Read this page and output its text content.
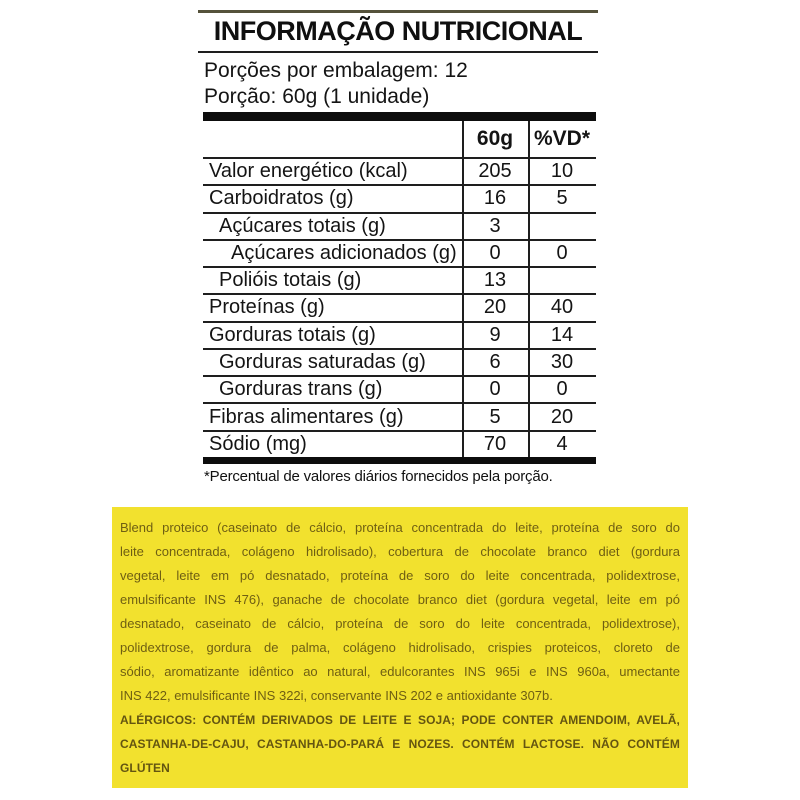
INFORMAÇÃO NUTRICIONAL
Porções por embalagem: 12
Porção: 60g (1 unidade)
60g %VD*
Valor energético (kcal)	205	10
Carboidratos (g)	16	5
Açúcares totais (g)	3
Açúcares adicionados (g)	0	0
Polióis totais (g)	13
Proteínas (g)	20	40
Gorduras totais (g)	9	14
Gorduras saturadas (g)	6	30
Gorduras trans (g)	0	0
Fibras alimentares (g)	5	20
Sódio (mg)	70	4
*Percentual de valores diários fornecidos pela porção.
Blend proteico (caseinato de cálcio, proteína concentrada do leite, proteína de soro do
leite concentrada, colágeno hidrolisado), cobertura de chocolate branco diet (gordura
vegetal, leite em pó desnatado, proteína de soro do leite concentrada, polidextrose,
emulsificante INS 476), ganache de chocolate branco diet (gordura vegetal, leite em pó
desnatado, caseinato de cálcio, proteína de soro do leite concentrada, polidextrose),
polidextrose, gordura de palma, colágeno hidrolisado, crispies proteicos, cloreto de
sódio, aromatizante idêntico ao natural, edulcorantes INS 965i e INS 960a, umectante
INS 422, emulsificante INS 322i, conservante INS 202 e antioxidante 307b.
ALÉRGICOS: CONTÉM DERIVADOS DE LEITE E SOJA; PODE CONTER AMENDOIM, AVELÃ,
CASTANHA-DE-CAJU, CASTANHA-DO-PARÁ E NOZES. CONTÉM LACTOSE. NÃO CONTÉM
GLÚTEN
